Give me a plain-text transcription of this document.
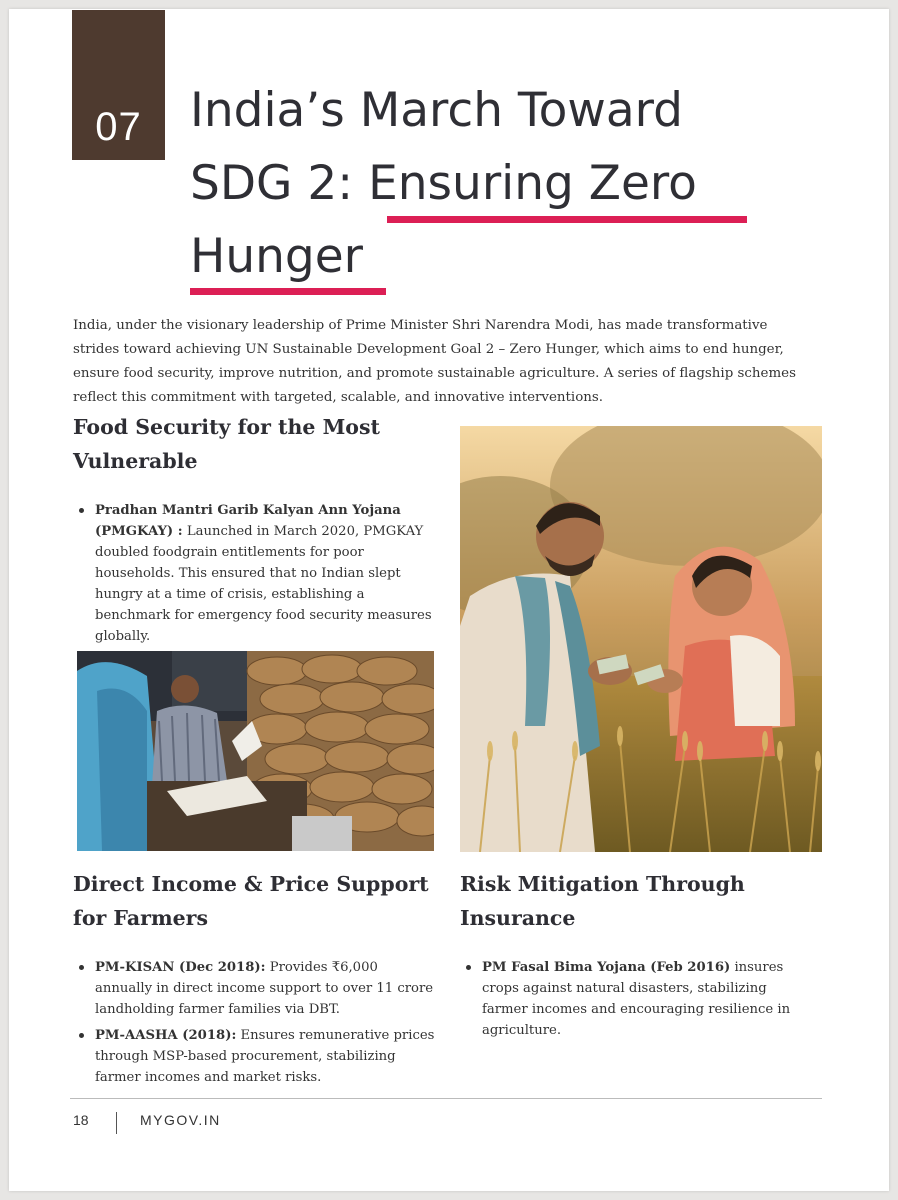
07	India’s March Toward
SDG 2: Ensuring Zero
Hunger

India, under the visionary leadership of Prime Minister Shri Narendra Modi, has made transformative strides toward achieving UN Sustainable Development Goal 2 – Zero Hunger, which aims to end hunger, ensure food security, improve nutrition, and promote sustainable agriculture. A series of flagship schemes reflect this commitment with targeted, scalable, and innovative interventions.

Food Security for the Most
Vulnerable
Pradhan Mantri Garib Kalyan Ann Yojana (PMGKAY) : Launched in March 2020, PMGKAY doubled foodgrain entitlements for poor households. This ensured that no Indian slept hungry at a time of crisis, establishing a benchmark for emergency food security measures globally.
Direct Income & Price Support
for Farmers
PM-KISAN (Dec 2018): Provides ₹6,000 annually in direct income support to over 11 crore landholding farmer families via DBT.
PM-AASHA (2018): Ensures remunerative prices through MSP-based procurement, stabilizing farmer incomes and market risks.
Risk Mitigation Through
Insurance
PM Fasal Bima Yojana (Feb 2016) insures crops against natural disasters, stabilizing farmer incomes and encouraging resilience in agriculture.
18	MYGOV.IN
